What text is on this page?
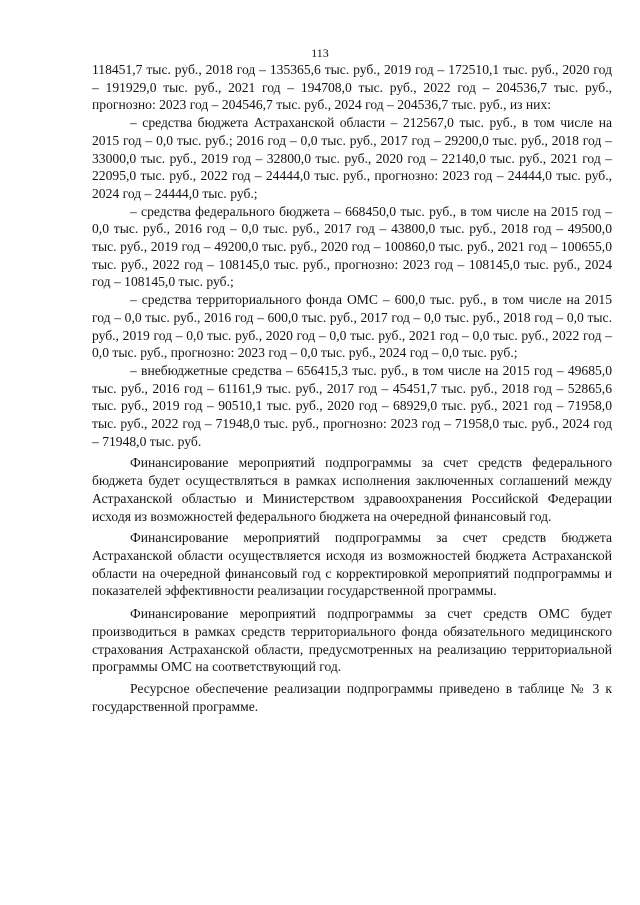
113

118451,7 тыс. руб., 2018 год – 135365,6 тыс. руб., 2019 год – 172510,1 тыс. руб., 2020 год – 191929,0 тыс. руб., 2021 год – 194708,0 тыс. руб., 2022 год – 204536,7 тыс. руб., прогнозно: 2023 год – 204546,7 тыс. руб., 2024 год – 204536,7 тыс. руб., из них:

– средства бюджета Астраханской области – 212567,0 тыс. руб., в том числе на 2015 год – 0,0 тыс. руб.; 2016 год – 0,0 тыс. руб., 2017 год – 29200,0 тыс. руб., 2018 год – 33000,0 тыс. руб., 2019 год – 32800,0 тыс. руб., 2020 год – 22140,0 тыс. руб., 2021 год – 22095,0 тыс. руб., 2022 год – 24444,0 тыс. руб., прогнозно: 2023 год – 24444,0 тыс. руб., 2024 год – 24444,0 тыс. руб.;

– средства федерального бюджета – 668450,0 тыс. руб., в том числе на 2015 год – 0,0 тыс. руб., 2016 год – 0,0 тыс. руб., 2017 год – 43800,0 тыс. руб., 2018 год – 49500,0 тыс. руб., 2019 год – 49200,0 тыс. руб., 2020 год – 100860,0 тыс. руб., 2021 год – 100655,0 тыс. руб., 2022 год – 108145,0 тыс. руб., прогнозно: 2023 год – 108145,0 тыс. руб., 2024 год – 108145,0 тыс. руб.;

– средства территориального фонда ОМС – 600,0 тыс. руб., в том числе на 2015 год – 0,0 тыс. руб., 2016 год – 600,0 тыс. руб., 2017 год – 0,0 тыс. руб., 2018 год – 0,0 тыс. руб., 2019 год – 0,0 тыс. руб., 2020 год – 0,0 тыс. руб., 2021 год – 0,0 тыс. руб., 2022 год – 0,0 тыс. руб., прогнозно: 2023 год – 0,0 тыс. руб., 2024 год – 0,0 тыс. руб.;

– внебюджетные средства – 656415,3 тыс. руб., в том числе на 2015 год – 49685,0 тыс. руб., 2016 год – 61161,9 тыс. руб., 2017 год – 45451,7 тыс. руб., 2018 год – 52865,6 тыс. руб., 2019 год – 90510,1 тыс. руб., 2020 год – 68929,0 тыс. руб., 2021 год – 71958,0 тыс. руб., 2022 год – 71948,0 тыс. руб., прогнозно: 2023 год – 71958,0 тыс. руб., 2024 год – 71948,0 тыс. руб.

Финансирование мероприятий подпрограммы за счет средств федерального бюджета будет осуществляться в рамках исполнения заключенных соглашений между Астраханской областью и Министерством здравоохранения Российской Федерации исходя из возможностей федерального бюджета на очередной финансовый год.

Финансирование мероприятий подпрограммы за счет средств бюджета Астраханской области осуществляется исходя из возможностей бюджета Астраханской области на очередной финансовый год с корректировкой мероприятий подпрограммы и показателей эффективности реализации государственной программы.

Финансирование мероприятий подпрограммы за счет средств ОМС будет производиться в рамках средств территориального фонда обязательного медицинского страхования Астраханской области, предусмотренных на реализацию территориальной программы ОМС на соответствующий год.

Ресурсное обеспечение реализации подпрограммы приведено в таблице № 3 к государственной программе.
